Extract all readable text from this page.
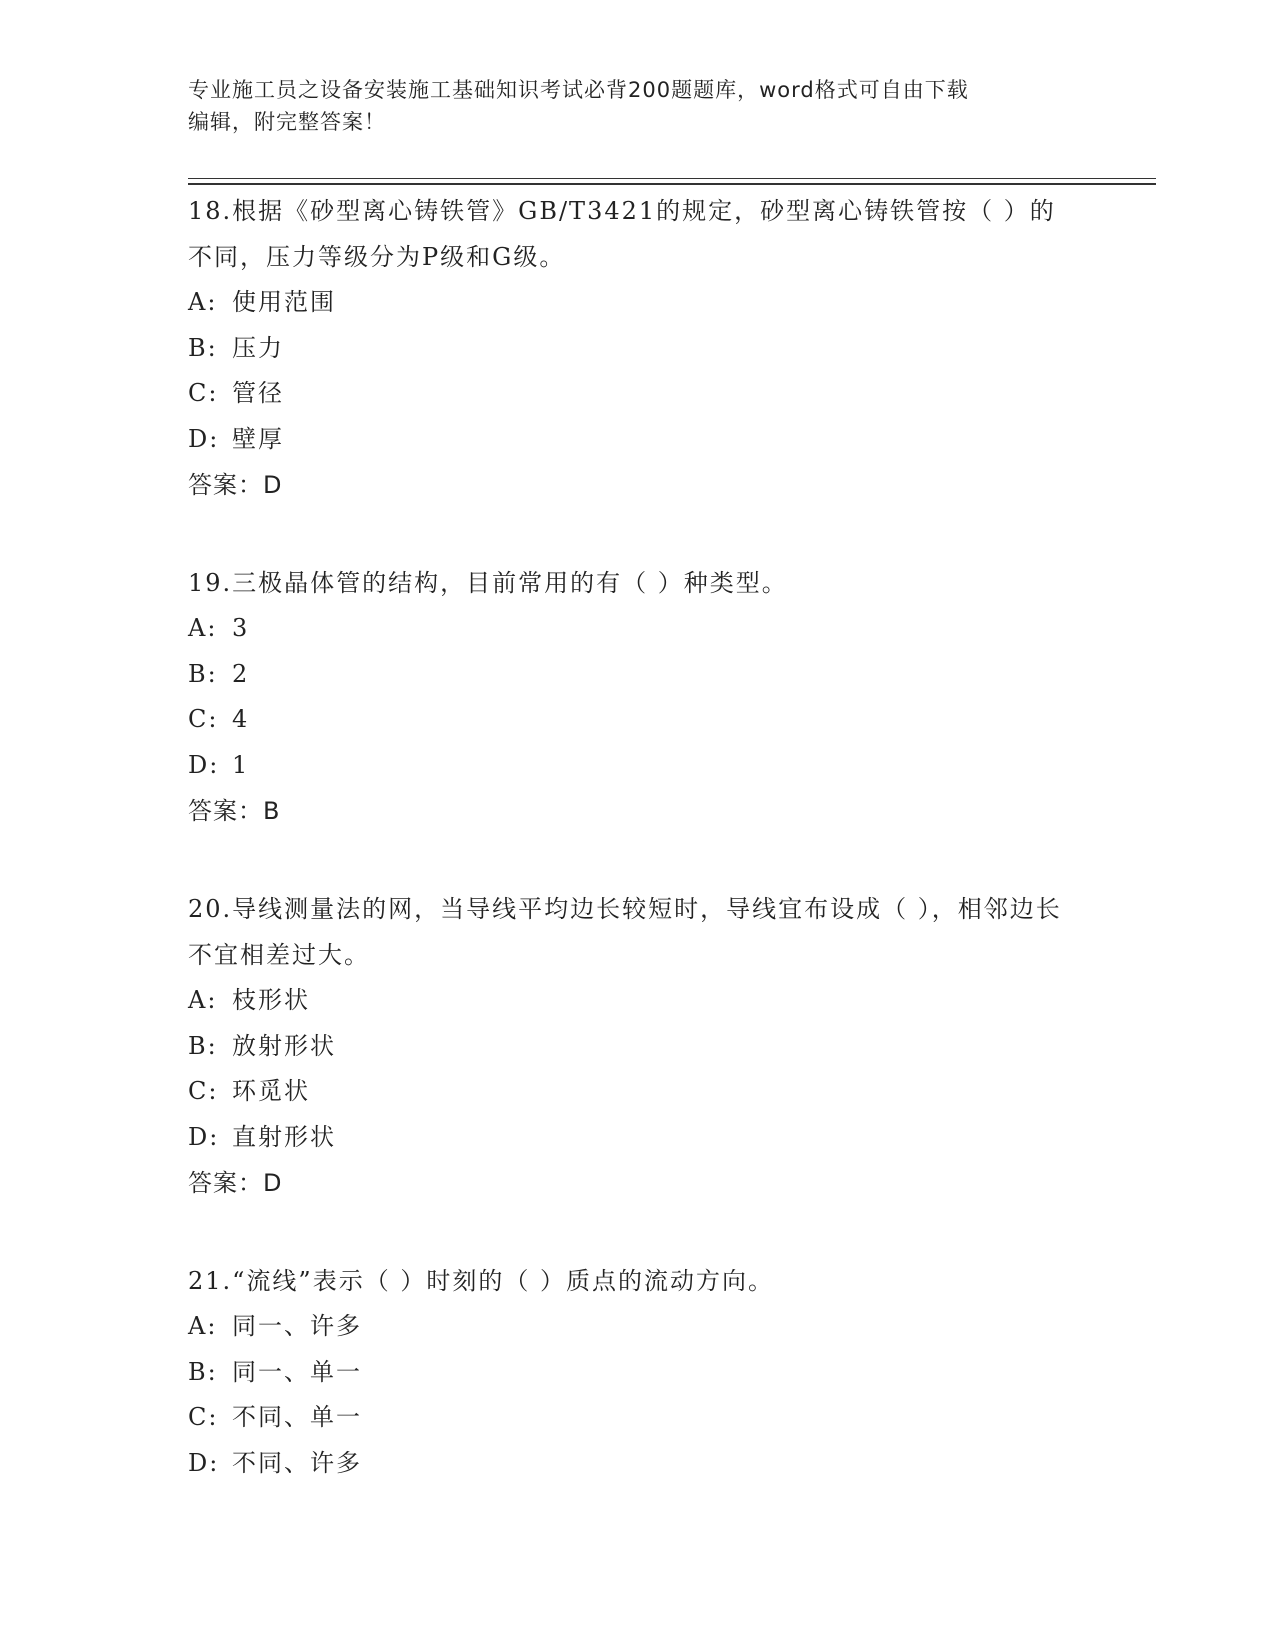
专业施工员之设备安装施工基础知识考试必背200题题库，word格式可自由下载
编辑，附完整答案！

18.根据《砂型离心铸铁管》GB/T3421的规定，砂型离心铸铁管按（ ）的不同，压力等级分为P级和G级。

A: 使用范围
B: 压力
C: 管径
D: 壁厚
答案：D

19.三极晶体管的结构，目前常用的有（ ）种类型。

A: 3
B: 2
C: 4
D: 1
答案：B

20.导线测量法的网，当导线平均边长较短时，导线宜布设成（ ），相邻边长不宜相差过大。

A: 枝形状
B: 放射形状
C: 环觅状
D: 直射形状
答案：D

21.“流线”表示（ ）时刻的（ ）质点的流动方向。

A: 同一、许多
B: 同一、单一
C: 不同、单一
D: 不同、许多
